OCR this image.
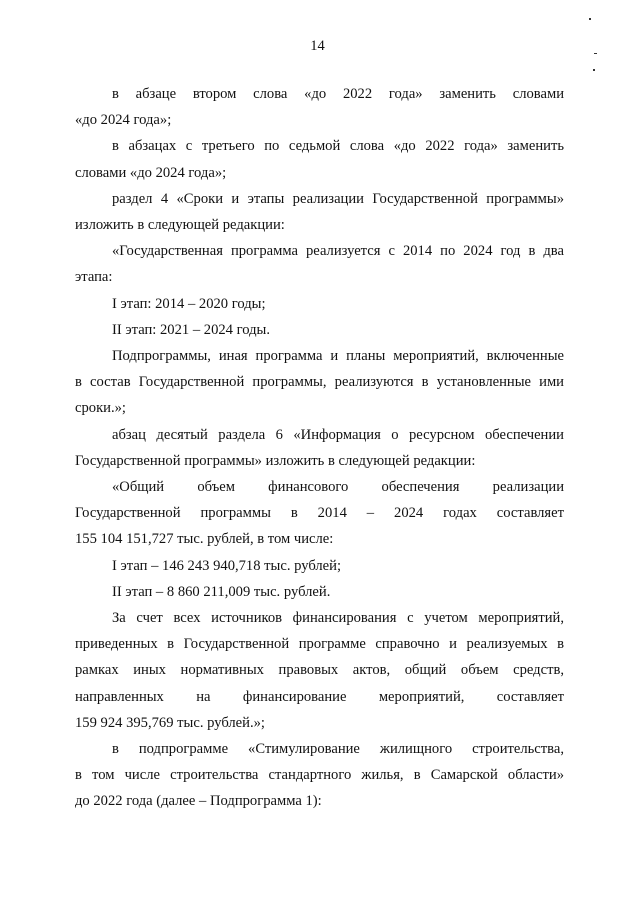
14

в абзаце втором слова «до 2022 года» заменить словами
«до 2024 года»;

в абзацах с третьего по седьмой слова «до 2022 года» заменить
словами «до 2024 года»;

раздел 4 «Сроки и этапы реализации Государственной программы»
изложить в следующей редакции:

«Государственная программа реализуется с 2014 по 2024 год в два
этапа:

I этап: 2014 – 2020 годы;

II этап: 2021 – 2024 годы.

Подпрограммы, иная программа и планы мероприятий, включенные
в состав Государственной программы, реализуются в установленные ими
сроки.»;

абзац десятый раздела 6 «Информация о ресурсном обеспечении
Государственной программы» изложить в следующей редакции:

«Общий объем финансового обеспечения реализации
Государственной программы в 2014 – 2024 годах составляет
155 104 151,727 тыс. рублей, в том числе:

I этап – 146 243 940,718 тыс. рублей;

II этап – 8 860 211,009 тыс. рублей.

За счет всех источников финансирования с учетом мероприятий,
приведенных в Государственной программе справочно и реализуемых в
рамках иных нормативных правовых актов, общий объем средств,
направленных на финансирование мероприятий, составляет
159 924 395,769 тыс. рублей.»;

в подпрограмме «Стимулирование жилищного строительства,
в том числе строительства стандартного жилья, в Самарской области»
до 2022 года (далее – Подпрограмма 1):
